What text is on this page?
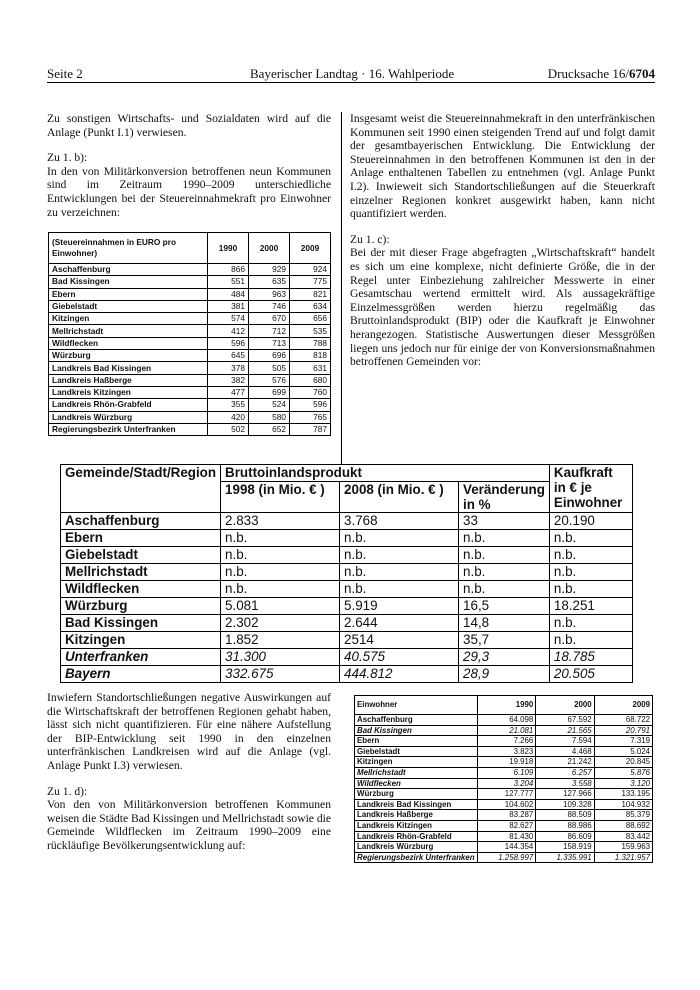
Seite 2	Bayerischer Landtag · 16. Wahlperiode	Drucksache 16/6704

Zu sonstigen Wirtschafts- und Sozialdaten wird auf die Anlage (Punkt I.1) verwiesen.

Zu 1. b):

In den von Militärkonversion betroffenen neun Kommunen sind im Zeitraum 1990–2009 unterschiedliche Entwicklungen bei der Steuereinnahmekraft pro Einwohner zu verzeichnen:

Insgesamt weist die Steuereinnahmekraft in den unterfränkischen Kommunen seit 1990 einen steigenden Trend auf und folgt damit der gesamtbayerischen Entwicklung. Die Entwicklung der Steuereinnahmen in den betroffenen Kommunen ist den in der Anlage enthaltenen Tabellen zu entnehmen (vgl. Anlage Punkt I.2). Inwieweit sich Standortschließungen auf die Steuerkraft einzelner Regionen konkret ausgewirkt haben, kann nicht quantifiziert werden.

Zu 1. c):

Bei der mit dieser Frage abgefragten „Wirtschaftskraft“ handelt es sich um eine komplexe, nicht definierte Größe, die in der Regel unter Einbeziehung zahlreicher Messwerte in einer Gesamtschau wertend ermittelt wird. Als aussagekräftige Einzelmessgrößen werden hierzu regelmäßig das Bruttoinlandsprodukt (BIP) oder die Kaufkraft je Einwohner herangezogen. Statistische Auswertungen dieser Messgrößen liegen uns jedoch nur für einige der von Konversionsmaßnahmen betroffenen Gemeinden vor:

(Steuereinnahmen in EURO pro Einwohner)	1990	2000	2009
Aschaffenburg	866	929	924
Bad Kissingen	551	635	775
Ebern	484	963	821
Giebelstadt	381	746	634
Kitzingen	574	670	656
Mellrichstadt	412	712	535
Wildflecken	596	713	788
Würzburg	645	696	818
Landkreis Bad Kissingen	378	505	631
Landkreis Haßberge	382	576	680
Landkreis Kitzingen	477	699	760
Landkreis Rhön-Grabfeld	355	524	596
Landkreis Würzburg	420	580	765
Regierungsbezirk Unterfranken	502	652	787
Gemeinde/Stadt/Region	Bruttoinlandsprodukt			Kaufkraft in € je Einwohner
	1998 (in Mio. € )	2008 (in Mio. € )	Veränderung in %	
Aschaffenburg	2.833	3.768	33	20.190
Ebern	n.b.	n.b.	n.b.	n.b.
Giebelstadt	n.b.	n.b.	n.b.	n.b.
Mellrichstadt	n.b.	n.b.	n.b.	n.b.
Wildflecken	n.b.	n.b.	n.b.	n.b.
Würzburg	5.081	5.919	16,5	18.251
Bad Kissingen	2.302	2.644	14,8	n.b.
Kitzingen	1.852	2514	35,7	n.b.
Unterfranken	31.300	40.575	29,3	18.785
Bayern	332.675	444.812	28,9	20.505

Inwiefern Standortschließungen negative Auswirkungen auf die Wirtschaftskraft der betroffenen Regionen gehabt haben, lässt sich nicht quantifizieren. Für eine nähere Aufstellung der BIP-Entwicklung seit 1990 in den einzelnen unterfränkischen Landkreisen wird auf die Anlage (vgl. Anlage Punkt I.3) verwiesen.

Zu 1. d):

Von den von Militärkonversion betroffenen Kommunen weisen die Städte Bad Kissingen und Mellrichstadt sowie die Gemeinde Wildflecken im Zeitraum 1990–2009 eine rückläufige Bevölkerungsentwicklung auf:

Einwohner	1990	2000	2009
Aschaffenburg	64.098	67.592	68.722
Bad Kissingen	21.081	21.565	20.791
Ebern	7.266	7.594	7.319
Giebelstadt	3.823	4.468	5.024
Kitzingen	19.918	21.242	20.845
Mellrichstadt	6.109	6.257	5.876
Wildflecken	3.204	3.558	3.120
Würzburg	127.777	127.966	133.195
Landkreis Bad Kissingen	104.602	109.328	104.932
Landkreis Haßberge	83.287	88.509	85.379
Landkreis Kitzingen	82.627	88.986	88.692
Landkreis Rhön-Grabfeld	81.430	86.609	83.442
Landkreis Würzburg	144.354	158.919	159.963
Regierungsbezirk Unterfranken	1.258.997	1.335.991	1.321.957
